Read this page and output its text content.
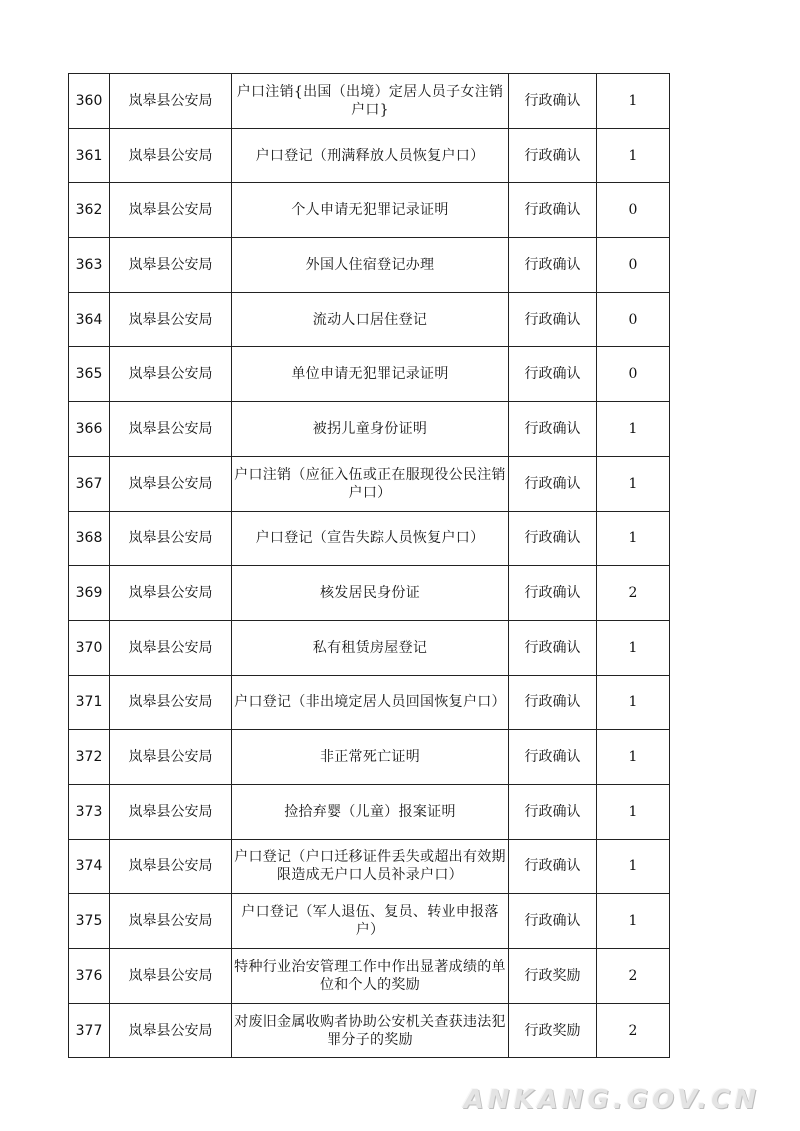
360	岚皋县公安局	户口注销{出国（出境）定居人员子女注销户口}	行政确认	1
361	岚皋县公安局	户口登记（刑满释放人员恢复户口）	行政确认	1
362	岚皋县公安局	个人申请无犯罪记录证明	行政确认	0
363	岚皋县公安局	外国人住宿登记办理	行政确认	0
364	岚皋县公安局	流动人口居住登记	行政确认	0
365	岚皋县公安局	单位申请无犯罪记录证明	行政确认	0
366	岚皋县公安局	被拐儿童身份证明	行政确认	1
367	岚皋县公安局	户口注销（应征入伍或正在服现役公民注销户口）	行政确认	1
368	岚皋县公安局	户口登记（宣告失踪人员恢复户口）	行政确认	1
369	岚皋县公安局	核发居民身份证	行政确认	2
370	岚皋县公安局	私有租赁房屋登记	行政确认	1
371	岚皋县公安局	户口登记（非出境定居人员回国恢复户口）	行政确认	1
372	岚皋县公安局	非正常死亡证明	行政确认	1
373	岚皋县公安局	捡拾弃婴（儿童）报案证明	行政确认	1
374	岚皋县公安局	户口登记（户口迁移证件丢失或超出有效期限造成无户口人员补录户口）	行政确认	1
375	岚皋县公安局	户口登记（军人退伍、复员、转业申报落户）	行政确认	1
376	岚皋县公安局	特种行业治安管理工作中作出显著成绩的单位和个人的奖励	行政奖励	2
377	岚皋县公安局	对废旧金属收购者协助公安机关查获违法犯罪分子的奖励	行政奖励	2
ANKANG.GOV.CN
